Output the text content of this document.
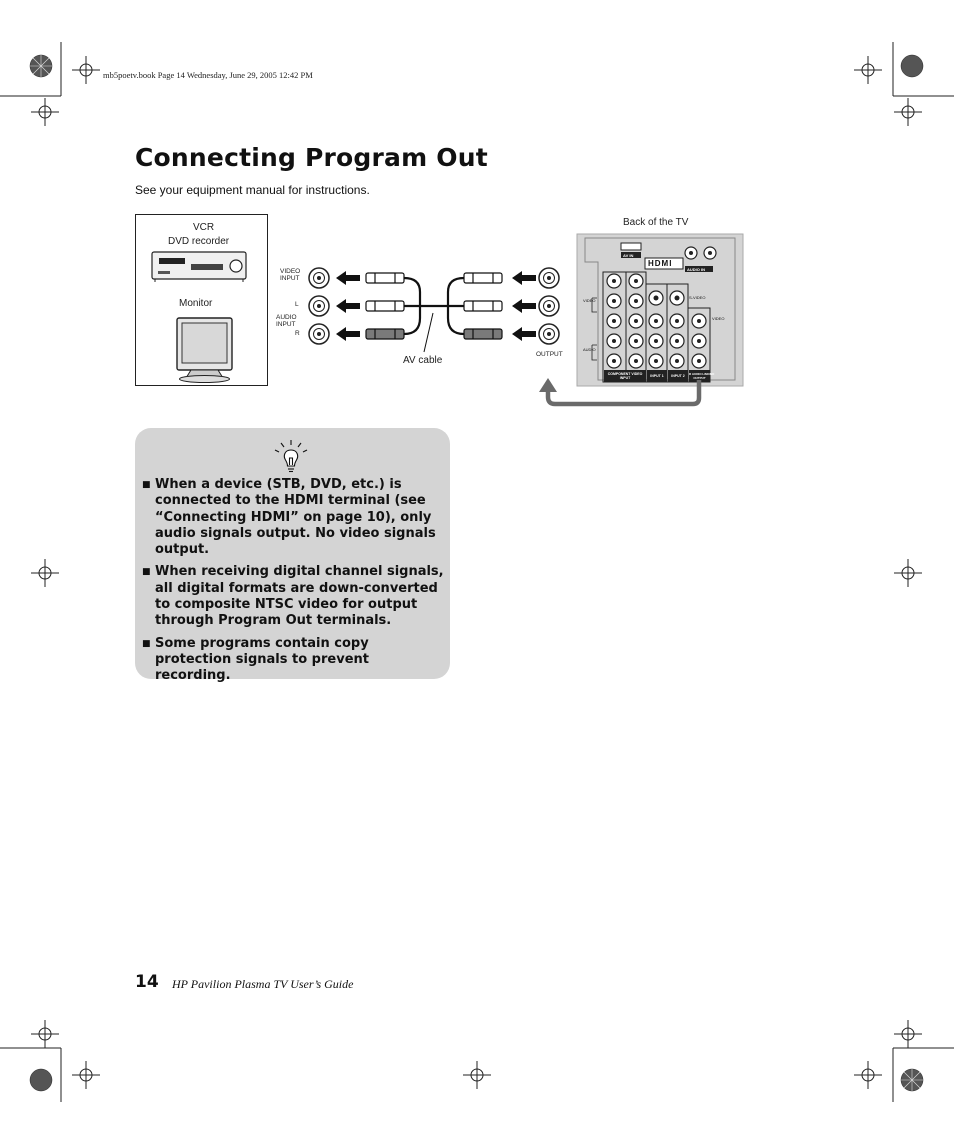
mb5poetv.book Page 14 Wednesday, June 29, 2005 12:42 PM
Connecting Program Out
See your equipment manual for instructions.
VCR
DVD recorder
Monitor
VIDEO
INPUT
L
AUDIO
INPUT
R
AV cable
OUTPUT
Back of the TV
AV IN
HDMI
AUDIO IN
VIDEO
AUDIO
S-VIDEO
VIDEO
COMPONENT VIDEO
INPUT	INPUT 1	INPUT 2	R AUDIO L/MONO
OUTPUT
■ When a device (STB, DVD, etc.) is connected to the HDMI terminal (see “Connecting HDMI” on page 10), only audio signals output. No video signals output.
■ When receiving digital channel signals, all digital formats are down-converted to composite NTSC video for output through Program Out terminals.
■ Some programs contain copy protection signals to prevent recording.
14 HP Pavilion Plasma TV User’s Guide
